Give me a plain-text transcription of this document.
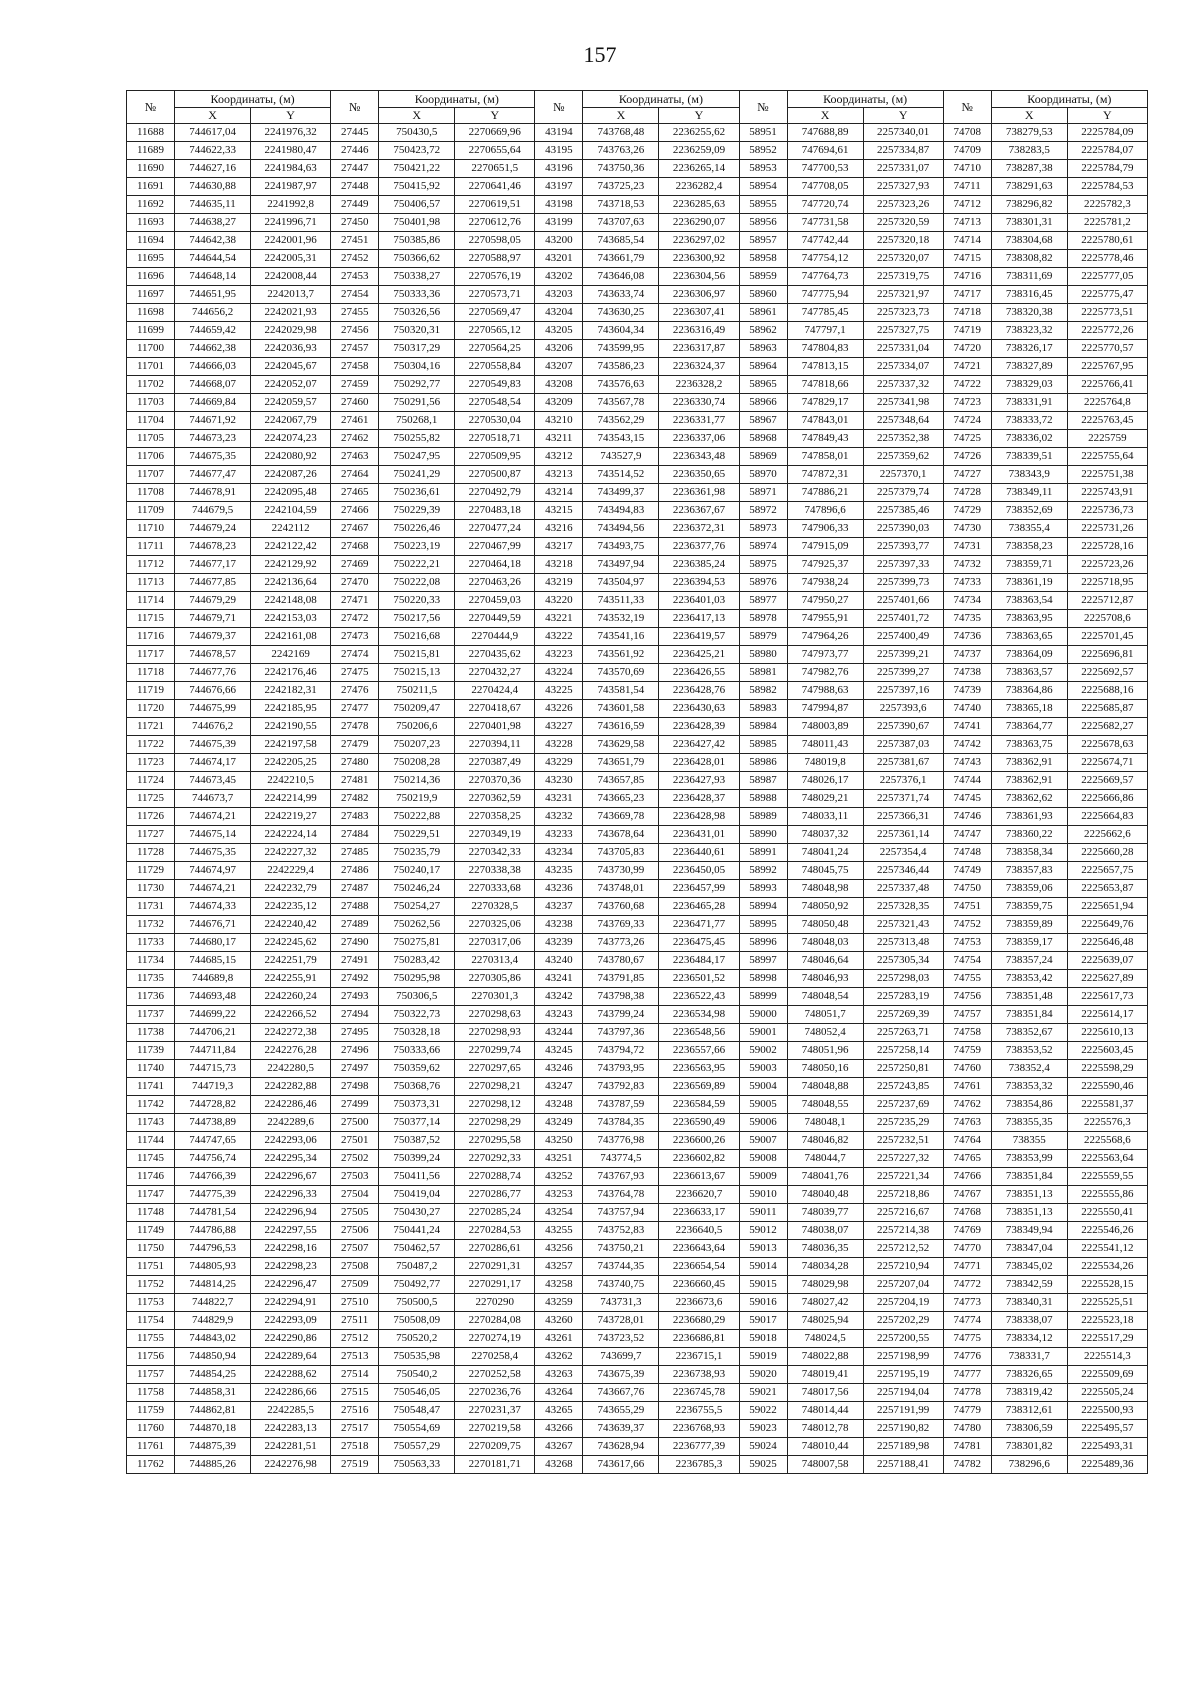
157
№	Координаты, (м)		№	Координаты, (м)		№	Координаты, (м)		№	Координаты, (м)		№	Координаты, (м)	
	X	Y		X	Y		X	Y		X	Y		X	Y
11688	744617,04	2241976,32	27445	750430,5	2270669,96	43194	743768,48	2236255,62	58951	747688,89	2257340,01	74708	738279,53	2225784,09
11689	744622,33	2241980,47	27446	750423,72	2270655,64	43195	743763,26	2236259,09	58952	747694,61	2257334,87	74709	738283,5	2225784,07
11690	744627,16	2241984,63	27447	750421,22	2270651,5	43196	743750,36	2236265,14	58953	747700,53	2257331,07	74710	738287,38	2225784,79
11691	744630,88	2241987,97	27448	750415,92	2270641,46	43197	743725,23	2236282,4	58954	747708,05	2257327,93	74711	738291,63	2225784,53
11692	744635,11	2241992,8	27449	750406,57	2270619,51	43198	743718,53	2236285,63	58955	747720,74	2257323,26	74712	738296,82	2225782,3
11693	744638,27	2241996,71	27450	750401,98	2270612,76	43199	743707,63	2236290,07	58956	747731,58	2257320,59	74713	738301,31	2225781,2
11694	744642,38	2242001,96	27451	750385,86	2270598,05	43200	743685,54	2236297,02	58957	747742,44	2257320,18	74714	738304,68	2225780,61
11695	744644,54	2242005,31	27452	750366,62	2270588,97	43201	743661,79	2236300,92	58958	747754,12	2257320,07	74715	738308,82	2225778,46
11696	744648,14	2242008,44	27453	750338,27	2270576,19	43202	743646,08	2236304,56	58959	747764,73	2257319,75	74716	738311,69	2225777,05
11697	744651,95	2242013,7	27454	750333,36	2270573,71	43203	743633,74	2236306,97	58960	747775,94	2257321,97	74717	738316,45	2225775,47
11698	744656,2	2242021,93	27455	750326,56	2270569,47	43204	743630,25	2236307,41	58961	747785,45	2257323,73	74718	738320,38	2225773,51
11699	744659,42	2242029,98	27456	750320,31	2270565,12	43205	743604,34	2236316,49	58962	747797,1	2257327,75	74719	738323,32	2225772,26
11700	744662,38	2242036,93	27457	750317,29	2270564,25	43206	743599,95	2236317,87	58963	747804,83	2257331,04	74720	738326,17	2225770,57
11701	744666,03	2242045,67	27458	750304,16	2270558,84	43207	743586,23	2236324,37	58964	747813,15	2257334,07	74721	738327,89	2225767,95
11702	744668,07	2242052,07	27459	750292,77	2270549,83	43208	743576,63	2236328,2	58965	747818,66	2257337,32	74722	738329,03	2225766,41
11703	744669,84	2242059,57	27460	750291,56	2270548,54	43209	743567,78	2236330,74	58966	747829,17	2257341,98	74723	738331,91	2225764,8
11704	744671,92	2242067,79	27461	750268,1	2270530,04	43210	743562,29	2236331,77	58967	747843,01	2257348,64	74724	738333,72	2225763,45
11705	744673,23	2242074,23	27462	750255,82	2270518,71	43211	743543,15	2236337,06	58968	747849,43	2257352,38	74725	738336,02	2225759
11706	744675,35	2242080,92	27463	750247,95	2270509,95	43212	743527,9	2236343,48	58969	747858,01	2257359,62	74726	738339,51	2225755,64
11707	744677,47	2242087,26	27464	750241,29	2270500,87	43213	743514,52	2236350,65	58970	747872,31	2257370,1	74727	738343,9	2225751,38
11708	744678,91	2242095,48	27465	750236,61	2270492,79	43214	743499,37	2236361,98	58971	747886,21	2257379,74	74728	738349,11	2225743,91
11709	744679,5	2242104,59	27466	750229,39	2270483,18	43215	743494,83	2236367,67	58972	747896,6	2257385,46	74729	738352,69	2225736,73
11710	744679,24	2242112	27467	750226,46	2270477,24	43216	743494,56	2236372,31	58973	747906,33	2257390,03	74730	738355,4	2225731,26
11711	744678,23	2242122,42	27468	750223,19	2270467,99	43217	743493,75	2236377,76	58974	747915,09	2257393,77	74731	738358,23	2225728,16
11712	744677,17	2242129,92	27469	750222,21	2270464,18	43218	743497,94	2236385,24	58975	747925,37	2257397,33	74732	738359,71	2225723,26
11713	744677,85	2242136,64	27470	750222,08	2270463,26	43219	743504,97	2236394,53	58976	747938,24	2257399,73	74733	738361,19	2225718,95
11714	744679,29	2242148,08	27471	750220,33	2270459,03	43220	743511,33	2236401,03	58977	747950,27	2257401,66	74734	738363,54	2225712,87
11715	744679,71	2242153,03	27472	750217,56	2270449,59	43221	743532,19	2236417,13	58978	747955,91	2257401,72	74735	738363,95	2225708,6
11716	744679,37	2242161,08	27473	750216,68	2270444,9	43222	743541,16	2236419,57	58979	747964,26	2257400,49	74736	738363,65	2225701,45
11717	744678,57	2242169	27474	750215,81	2270435,62	43223	743561,92	2236425,21	58980	747973,77	2257399,21	74737	738364,09	2225696,81
11718	744677,76	2242176,46	27475	750215,13	2270432,27	43224	743570,69	2236426,55	58981	747982,76	2257399,27	74738	738363,57	2225692,57
11719	744676,66	2242182,31	27476	750211,5	2270424,4	43225	743581,54	2236428,76	58982	747988,63	2257397,16	74739	738364,86	2225688,16
11720	744675,99	2242185,95	27477	750209,47	2270418,67	43226	743601,58	2236430,63	58983	747994,87	2257393,6	74740	738365,18	2225685,87
11721	744676,2	2242190,55	27478	750206,6	2270401,98	43227	743616,59	2236428,39	58984	748003,89	2257390,67	74741	738364,77	2225682,27
11722	744675,39	2242197,58	27479	750207,23	2270394,11	43228	743629,58	2236427,42	58985	748011,43	2257387,03	74742	738363,75	2225678,63
11723	744674,17	2242205,25	27480	750208,28	2270387,49	43229	743651,79	2236428,01	58986	748019,8	2257381,67	74743	738362,91	2225674,71
11724	744673,45	2242210,5	27481	750214,36	2270370,36	43230	743657,85	2236427,93	58987	748026,17	2257376,1	74744	738362,91	2225669,57
11725	744673,7	2242214,99	27482	750219,9	2270362,59	43231	743665,23	2236428,37	58988	748029,21	2257371,74	74745	738362,62	2225666,86
11726	744674,21	2242219,27	27483	750222,88	2270358,25	43232	743669,78	2236428,98	58989	748033,11	2257366,31	74746	738361,93	2225664,83
11727	744675,14	2242224,14	27484	750229,51	2270349,19	43233	743678,64	2236431,01	58990	748037,32	2257361,14	74747	738360,22	2225662,6
11728	744675,35	2242227,32	27485	750235,79	2270342,33	43234	743705,83	2236440,61	58991	748041,24	2257354,4	74748	738358,34	2225660,28
11729	744674,97	2242229,4	27486	750240,17	2270338,38	43235	743730,99	2236450,05	58992	748045,75	2257346,44	74749	738357,83	2225657,75
11730	744674,21	2242232,79	27487	750246,24	2270333,68	43236	743748,01	2236457,99	58993	748048,98	2257337,48	74750	738359,06	2225653,87
11731	744674,33	2242235,12	27488	750254,27	2270328,5	43237	743760,68	2236465,28	58994	748050,92	2257328,35	74751	738359,75	2225651,94
11732	744676,71	2242240,42	27489	750262,56	2270325,06	43238	743769,33	2236471,77	58995	748050,48	2257321,43	74752	738359,89	2225649,76
11733	744680,17	2242245,62	27490	750275,81	2270317,06	43239	743773,26	2236475,45	58996	748048,03	2257313,48	74753	738359,17	2225646,48
11734	744685,15	2242251,79	27491	750283,42	2270313,4	43240	743780,67	2236484,17	58997	748046,64	2257305,34	74754	738357,24	2225639,07
11735	744689,8	2242255,91	27492	750295,98	2270305,86	43241	743791,85	2236501,52	58998	748046,93	2257298,03	74755	738353,42	2225627,89
11736	744693,48	2242260,24	27493	750306,5	2270301,3	43242	743798,38	2236522,43	58999	748048,54	2257283,19	74756	738351,48	2225617,73
11737	744699,22	2242266,52	27494	750322,73	2270298,63	43243	743799,24	2236534,98	59000	748051,7	2257269,39	74757	738351,84	2225614,17
11738	744706,21	2242272,38	27495	750328,18	2270298,93	43244	743797,36	2236548,56	59001	748052,4	2257263,71	74758	738352,67	2225610,13
11739	744711,84	2242276,28	27496	750333,66	2270299,74	43245	743794,72	2236557,66	59002	748051,96	2257258,14	74759	738353,52	2225603,45
11740	744715,73	2242280,5	27497	750359,62	2270297,65	43246	743793,95	2236563,95	59003	748050,16	2257250,81	74760	738352,4	2225598,29
11741	744719,3	2242282,88	27498	750368,76	2270298,21	43247	743792,83	2236569,89	59004	748048,88	2257243,85	74761	738353,32	2225590,46
11742	744728,82	2242286,46	27499	750373,31	2270298,12	43248	743787,59	2236584,59	59005	748048,55	2257237,69	74762	738354,86	2225581,37
11743	744738,89	2242289,6	27500	750377,14	2270298,29	43249	743784,35	2236590,49	59006	748048,1	2257235,29	74763	738355,35	2225576,3
11744	744747,65	2242293,06	27501	750387,52	2270295,58	43250	743776,98	2236600,26	59007	748046,82	2257232,51	74764	738355	2225568,6
11745	744756,74	2242295,34	27502	750399,24	2270292,33	43251	743774,5	2236602,82	59008	748044,7	2257227,32	74765	738353,99	2225563,64
11746	744766,39	2242296,67	27503	750411,56	2270288,74	43252	743767,93	2236613,67	59009	748041,76	2257221,34	74766	738351,84	2225559,55
11747	744775,39	2242296,33	27504	750419,04	2270286,77	43253	743764,78	2236620,7	59010	748040,48	2257218,86	74767	738351,13	2225555,86
11748	744781,54	2242296,94	27505	750430,27	2270285,24	43254	743757,94	2236633,17	59011	748039,77	2257216,67	74768	738351,13	2225550,41
11749	744786,88	2242297,55	27506	750441,24	2270284,53	43255	743752,83	2236640,5	59012	748038,07	2257214,38	74769	738349,94	2225546,26
11750	744796,53	2242298,16	27507	750462,57	2270286,61	43256	743750,21	2236643,64	59013	748036,35	2257212,52	74770	738347,04	2225541,12
11751	744805,93	2242298,23	27508	750487,2	2270291,31	43257	743744,35	2236654,54	59014	748034,28	2257210,94	74771	738345,02	2225534,26
11752	744814,25	2242296,47	27509	750492,77	2270291,17	43258	743740,75	2236660,45	59015	748029,98	2257207,04	74772	738342,59	2225528,15
11753	744822,7	2242294,91	27510	750500,5	2270290	43259	743731,3	2236673,6	59016	748027,42	2257204,19	74773	738340,31	2225525,51
11754	744829,9	2242293,09	27511	750508,09	2270284,08	43260	743728,01	2236680,29	59017	748025,94	2257202,29	74774	738338,07	2225523,18
11755	744843,02	2242290,86	27512	750520,2	2270274,19	43261	743723,52	2236686,81	59018	748024,5	2257200,55	74775	738334,12	2225517,29
11756	744850,94	2242289,64	27513	750535,98	2270258,4	43262	743699,7	2236715,1	59019	748022,88	2257198,99	74776	738331,7	2225514,3
11757	744854,25	2242288,62	27514	750540,2	2270252,58	43263	743675,39	2236738,93	59020	748019,41	2257195,19	74777	738326,65	2225509,69
11758	744858,31	2242286,66	27515	750546,05	2270236,76	43264	743667,76	2236745,78	59021	748017,56	2257194,04	74778	738319,42	2225505,24
11759	744862,81	2242285,5	27516	750548,47	2270231,37	43265	743655,29	2236755,5	59022	748014,44	2257191,99	74779	738312,61	2225500,93
11760	744870,18	2242283,13	27517	750554,69	2270219,58	43266	743639,37	2236768,93	59023	748012,78	2257190,82	74780	738306,59	2225495,57
11761	744875,39	2242281,51	27518	750557,29	2270209,75	43267	743628,94	2236777,39	59024	748010,44	2257189,98	74781	738301,82	2225493,31
11762	744885,26	2242276,98	27519	750563,33	2270181,71	43268	743617,66	2236785,3	59025	748007,58	2257188,41	74782	738296,6	2225489,36
